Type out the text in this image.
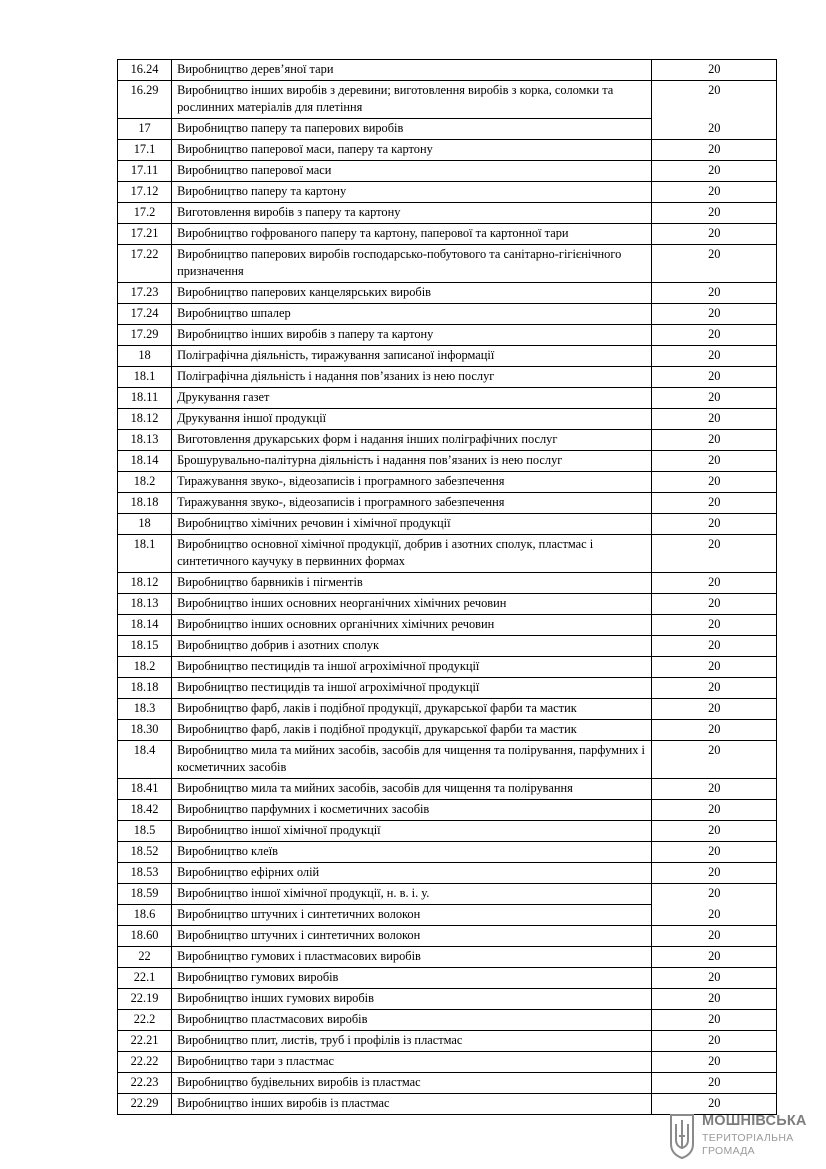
16.24	Виробництво дерев’яної тари	20
16.29	Виробництво інших виробів з деревини; виготовлення виробів з корка, соломки та рослинних матеріалів для плетіння	20
17	Виробництво паперу та паперових виробів	20
17.1	Виробництво паперової маси, паперу та картону	20
17.11	Виробництво паперової маси	20
17.12	Виробництво паперу та картону	20
17.2	Виготовлення виробів з паперу та картону	20
17.21	Виробництво гофрованого паперу та картону, паперової та картонної тари	20
17.22	Виробництво паперових виробів господарсько-побутового та санітарно-гігієнічного призначення	20
17.23	Виробництво паперових канцелярських виробів	20
17.24	Виробництво шпалер	20
17.29	Виробництво інших виробів з паперу та картону	20
18	Поліграфічна діяльність, тиражування записаної інформації	20
18.1	Поліграфічна діяльність і надання пов’язаних із нею послуг	20
18.11	Друкування газет	20
18.12	Друкування іншої продукції	20
18.13	Виготовлення друкарських форм і надання інших поліграфічних послуг	20
18.14	Брошурувально-палітурна діяльність і надання пов’язаних із нею послуг	20
18.2	Тиражування звуко-, відеозаписів і програмного забезпечення	20
18.18	Тиражування звуко-, відеозаписів і програмного забезпечення	20
18	Виробництво хімічних речовин і хімічної продукції	20
18.1	Виробництво основної хімічної продукції, добрив і азотних сполук, пластмас і синтетичного каучуку в первинних формах	20
18.12	Виробництво барвників і пігментів	20
18.13	Виробництво інших основних неорганічних хімічних речовин	20
18.14	Виробництво інших основних органічних хімічних речовин	20
18.15	Виробництво добрив і азотних сполук	20
18.2	Виробництво пестицидів та іншої агрохімічної продукції	20
18.18	Виробництво пестицидів та іншої агрохімічної продукції	20
18.3	Виробництво фарб, лаків і подібної продукції, друкарської фарби та мастик	20
18.30	Виробництво фарб, лаків і подібної продукції, друкарської фарби та мастик	20
18.4	Виробництво мила та мийних засобів, засобів для чищення та полірування, парфумних і косметичних засобів	20
18.41	Виробництво мила та мийних засобів, засобів для чищення та полірування	20
18.42	Виробництво парфумних і косметичних засобів	20
18.5	Виробництво іншої хімічної продукції	20
18.52	Виробництво клеїв	20
18.53	Виробництво ефірних олій	20
18.59	Виробництво іншої хімічної продукції, н. в. і. у.	20
18.6	Виробництво штучних і синтетичних волокон	20
18.60	Виробництво штучних і синтетичних волокон	20
22	Виробництво гумових і пластмасових виробів	20
22.1	Виробництво гумових виробів	20
22.19	Виробництво інших гумових виробів	20
22.2	Виробництво пластмасових виробів	20
22.21	Виробництво плит, листів, труб і профілів із пластмас	20
22.22	Виробництво тари з пластмас	20
22.23	Виробництво будівельних виробів із пластмас	20
22.29	Виробництво інших виробів із пластмас	20
МОШНІВСЬКА
ТЕРИТОРІАЛЬНА
ГРОМАДА
